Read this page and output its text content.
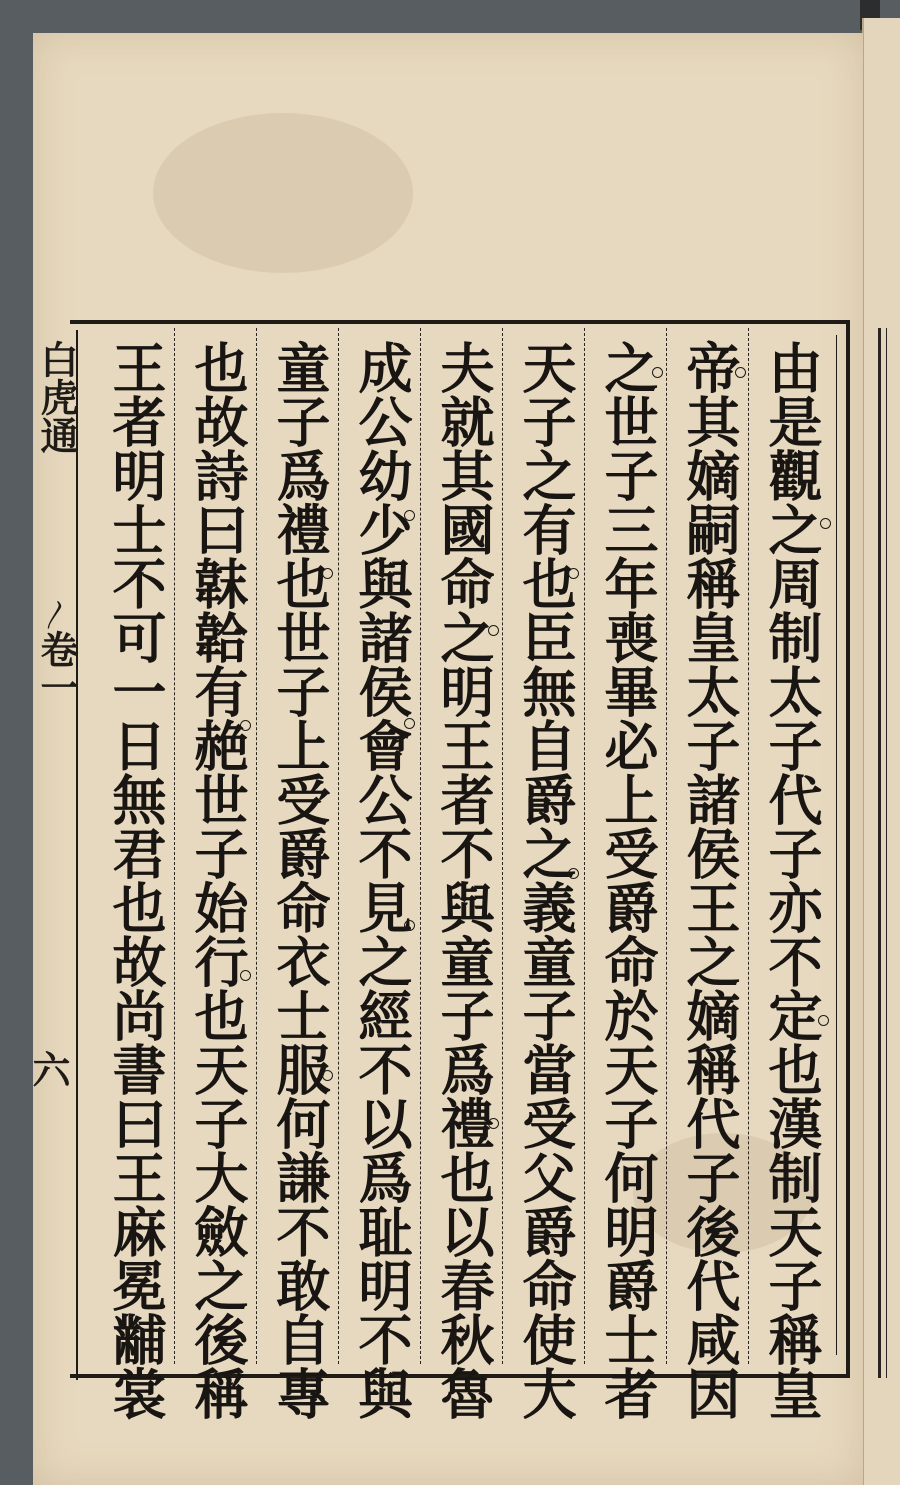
白虎通
〳
卷一
六	由是觀之周制太子代子亦不定也漢制天子稱皇
帝其嫡嗣稱皇太子諸侯王之嫡稱代子後代咸因
之世子三年喪畢必上受爵命於天子何明爵士者
天子之有也臣無自爵之義童子當受父爵命使大
夫就其國命之明王者不與童子爲禮也以春秋魯
成公幼少與諸侯會公不見之經不以爲耻明不與
童子爲禮也世子上受爵命衣士服何謙不敢自專
也故詩曰韎韐有赩世子始行也天子大斂之後稱
王者明士不可一日無君也故尚書曰王麻冕黼裳
